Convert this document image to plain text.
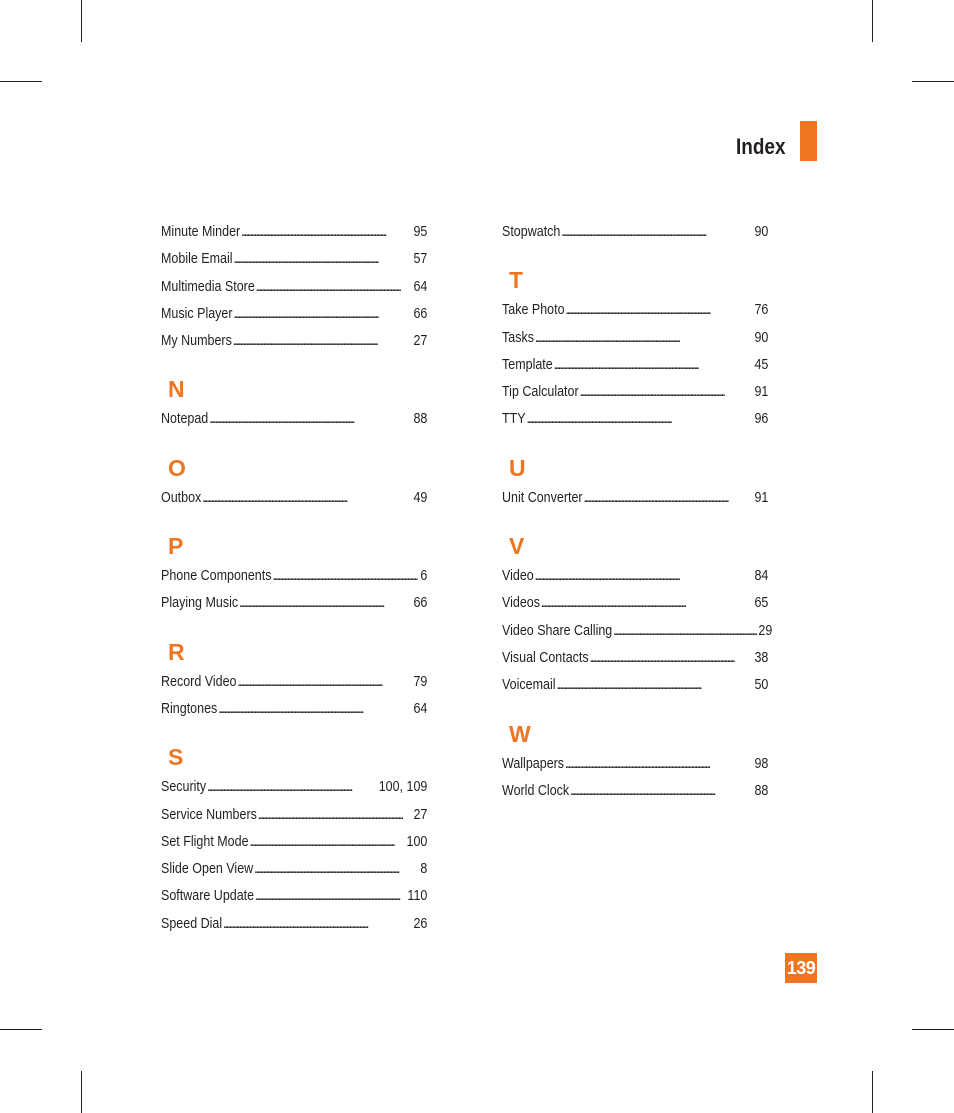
Index
Minute Minder . . .	95
Mobile Email . . .	57
Multimedia Store . . .	64
Music Player . . .	66
My Numbers . . .	27
N
Notepad . . .	88
O
Outbox . . .	49
P
Phone Components . . .	6
Playing Music . . .	66
R
Record Video . . .	79
Ringtones . . .	64
S
Security . . .	100, 109
Service Numbers . . .	27
Set Flight Mode . . .	100
Slide Open View . . .	8
Software Update . . .	110
Speed Dial . . .	26
Stopwatch . . .	90
T
Take Photo . . .	76
Tasks . . .	90
Template . . .	45
Tip Calculator . . .	91
TTY . . .	96
U
Unit Converter . . .	91
V
Video . . .	84
Videos . . .	65
Video Share Calling . . .	29
Visual Contacts . . .	38
Voicemail . . .	50
W
Wallpapers . . .	98
World Clock . . .	88
139
